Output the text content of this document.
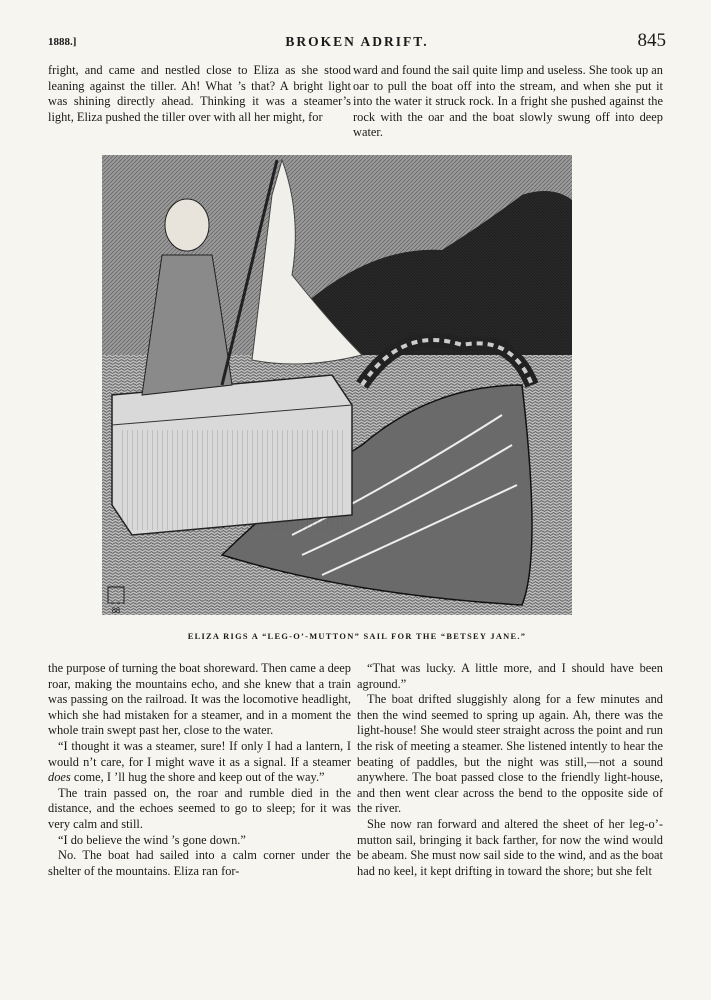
1888.]	BROKEN ADRIFT.	845

fright, and came and nestled close to Eliza as she stood leaning against the tiller. Ah! What ’s that? A bright light was shining directly ahead. Thinking it was a steamer’s light, Eliza pushed the tiller over with all her might, for

ward and found the sail quite limp and useless. She took up an oar to pull the boat off into the stream, and when she put it into the water it struck rock. In a fright she pushed against the rock with the oar and the boat slowly swung off into deep water.

88
ELIZA RIGS A “LEG-O’-MUTTON” SAIL FOR THE “BETSEY JANE.”

the purpose of turning the boat shoreward. Then came a deep roar, making the mountains echo, and she knew that a train was passing on the railroad. It was the locomotive headlight, which she had mistaken for a steamer, and in a moment the whole train swept past her, close to the water.

“I thought it was a steamer, sure! If only I had a lantern, I would n’t care, for I might wave it as a signal. If a steamer does come, I ’ll hug the shore and keep out of the way.”

The train passed on, the roar and rumble died in the distance, and the echoes seemed to go to sleep; for it was very calm and still.

“I do believe the wind ’s gone down.”

No. The boat had sailed into a calm corner under the shelter of the mountains. Eliza ran for-

“That was lucky. A little more, and I should have been aground.”

The boat drifted sluggishly along for a few minutes and then the wind seemed to spring up again. Ah, there was the light-house! She would steer straight across the point and run the risk of meeting a steamer. She listened intently to hear the beating of paddles, but the night was still,—not a sound anywhere. The boat passed close to the friendly light-house, and then went clear across the bend to the opposite side of the river.

She now ran forward and altered the sheet of her leg-o’-mutton sail, bringing it back farther, for now the wind would be abeam. She must now sail side to the wind, and as the boat had no keel, it kept drifting in toward the shore; but she felt
